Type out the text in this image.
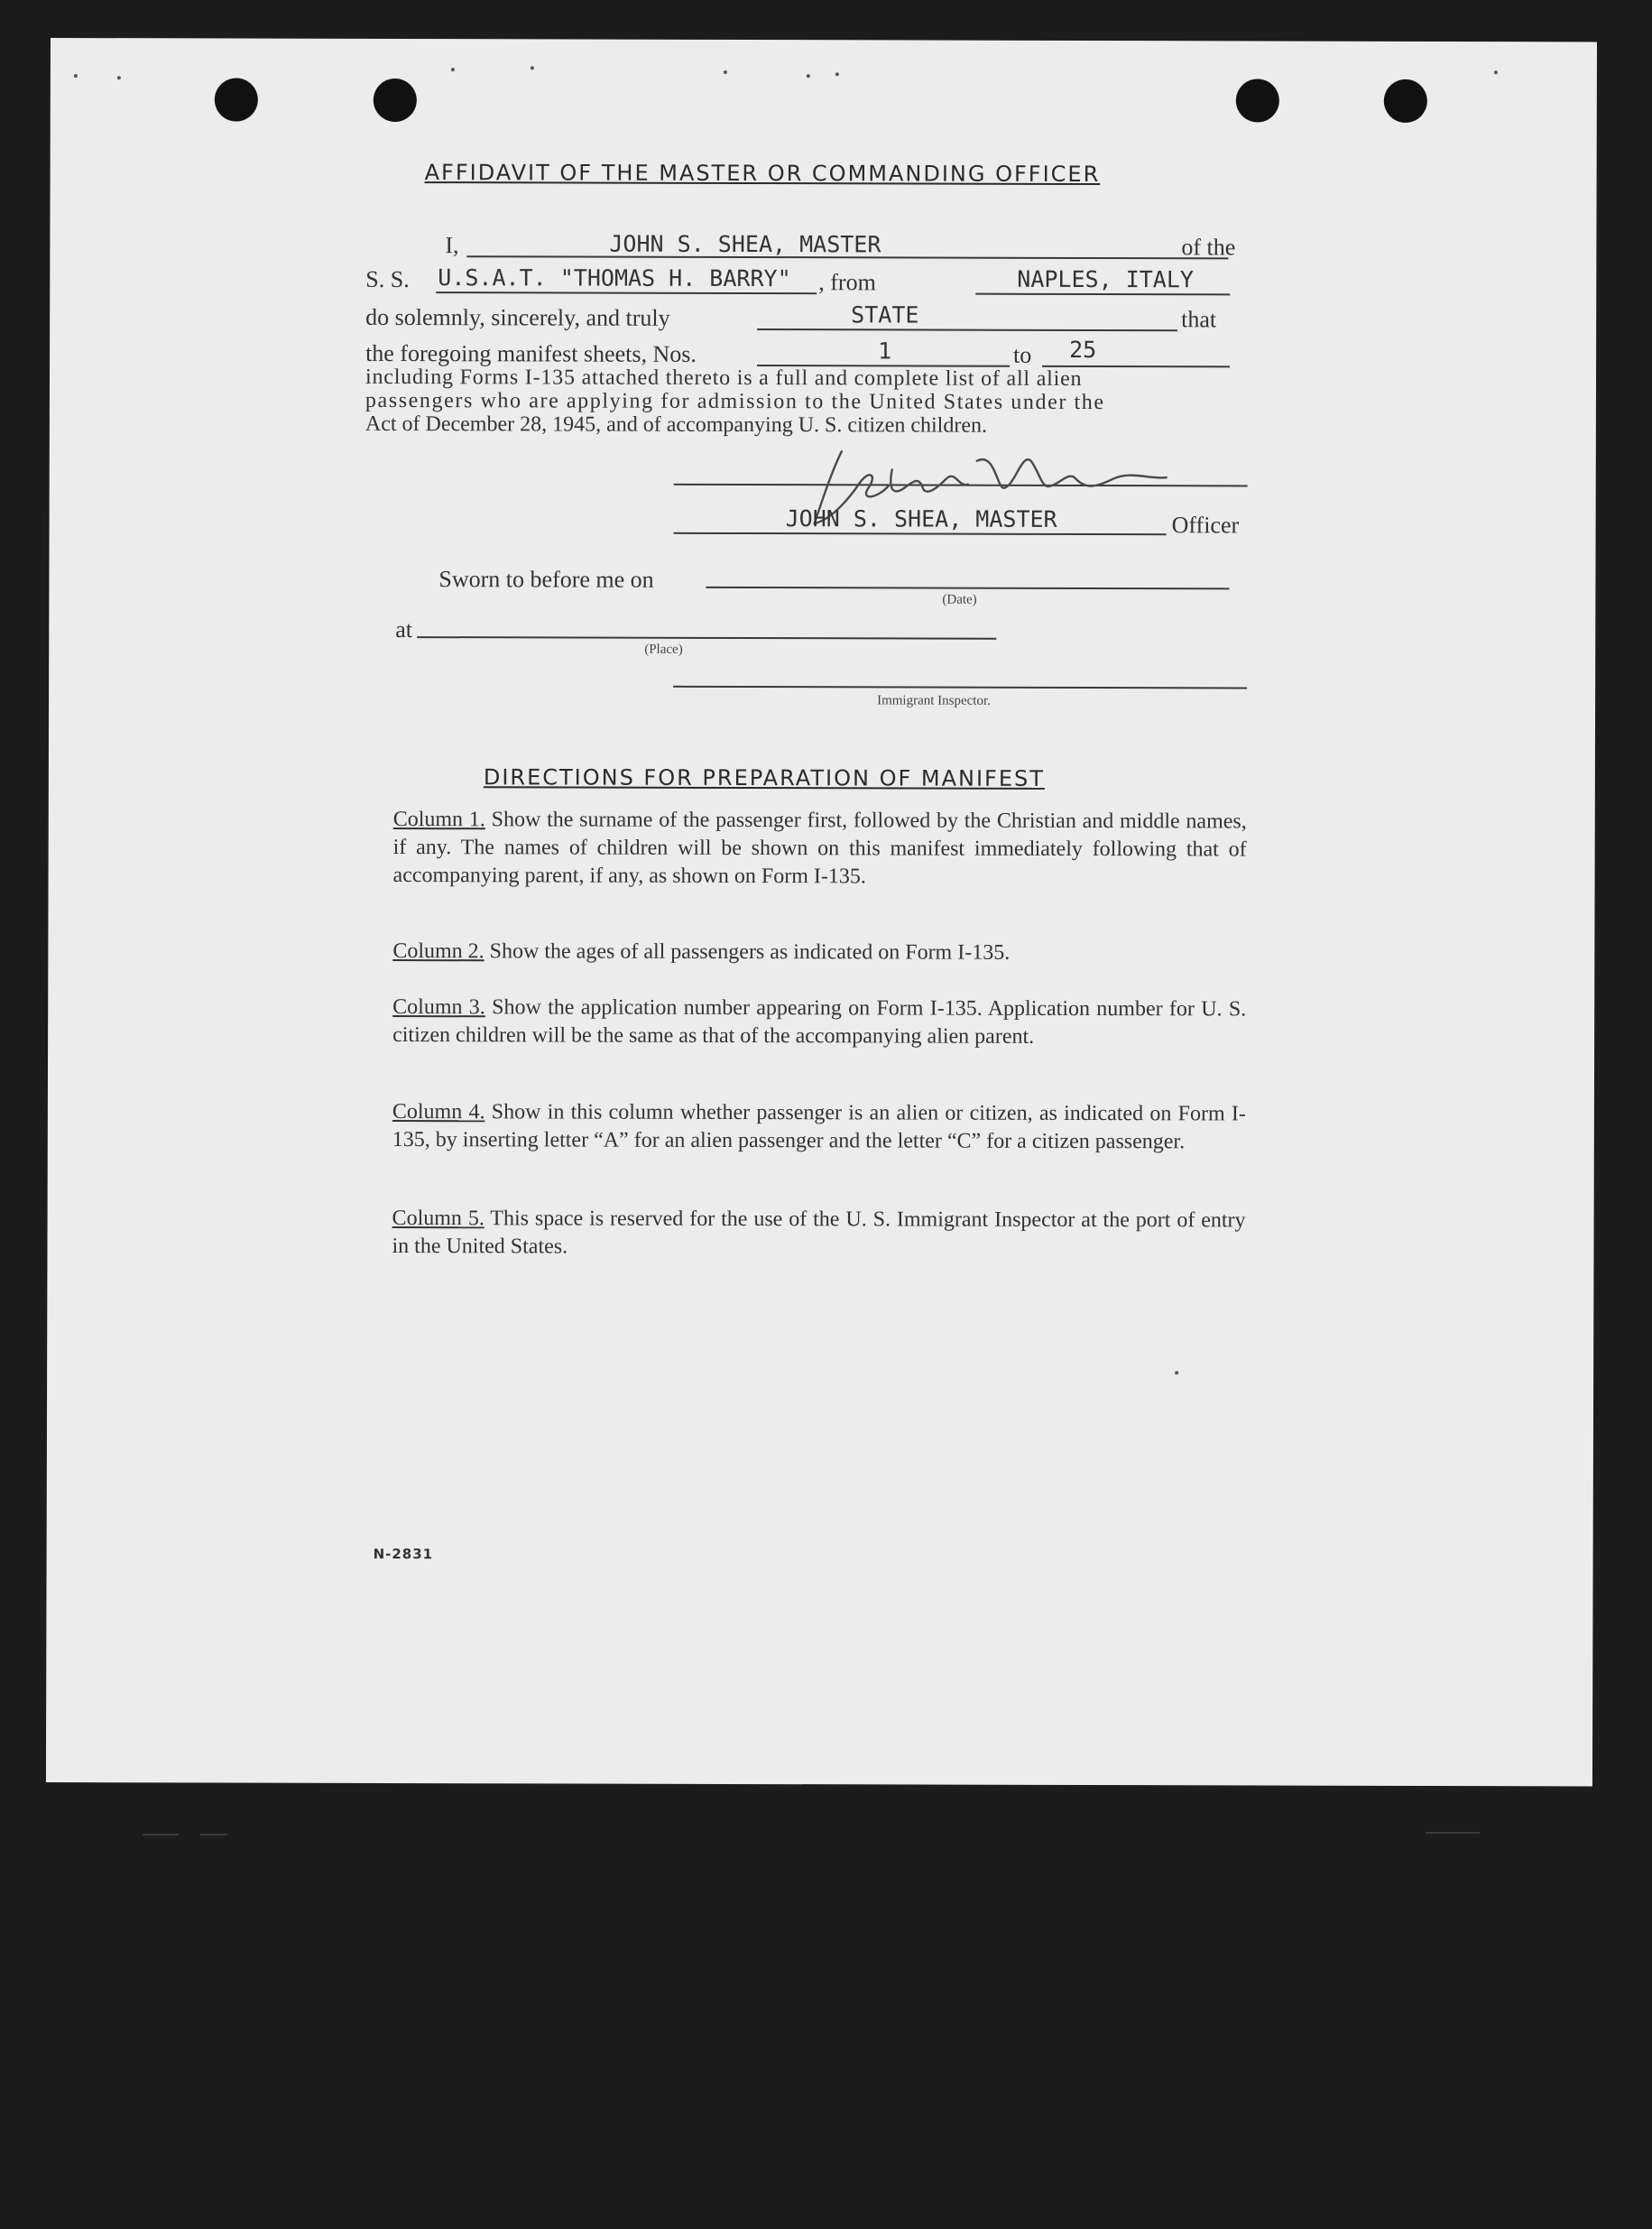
AFFIDAVIT OF THE MASTER OR COMMANDING OFFICER
I,	JOHN S. SHEA, MASTER	of the
S. S. U.S.A.T. "THOMAS H. BARRY" , from	NAPLES, ITALY
do solemnly, sincerely, and truly	STATE	that
the foregoing manifest sheets, Nos.	1	to 25
including Forms I-135 attached thereto is a full and complete list of all alien
passengers who are applying for admission to the United States under the
Act of December 28, 1945, and of accompanying U. S. citizen children.
JOHN S. SHEA, MASTER	Officer
Sworn to before me on
(Date)
at
(Place)
Immigrant Inspector.
DIRECTIONS FOR PREPARATION OF MANIFEST
Column 1. Show the surname of the passenger first, followed by the Christian and middle names, if any. The names of children will be shown on this manifest immediately following that of accompanying parent, if any, as shown on Form I-135.
Column 2. Show the ages of all passengers as indicated on Form I-135.
Column 3. Show the application number appearing on Form I-135. Application number for U. S. citizen children will be the same as that of the accompanying alien parent.
Column 4. Show in this column whether passenger is an alien or citizen, as indicated on Form I-135, by inserting letter “A” for an alien passenger and the letter “C” for a citizen passenger.
Column 5. This space is reserved for the use of the U. S. Immigrant Inspector at the port of entry in the United States.
N-2831
